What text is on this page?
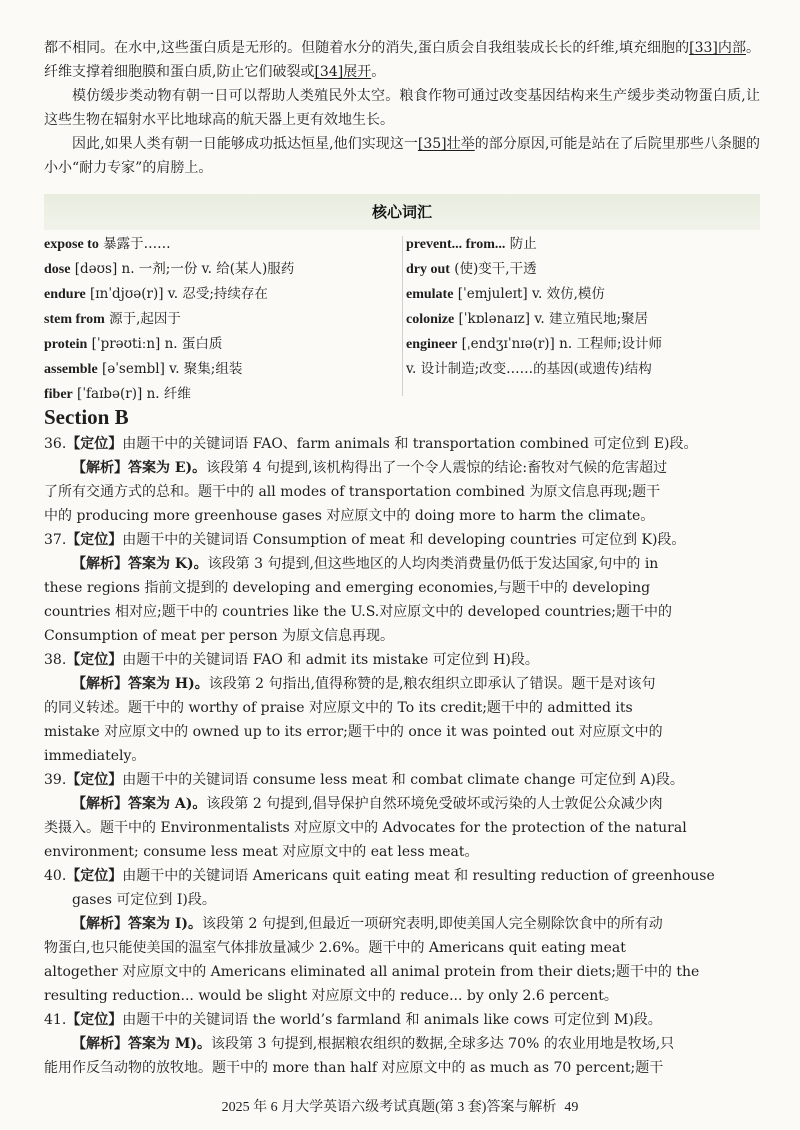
都不相同。在水中,这些蛋白质是无形的。但随着水分的消失,蛋白质会自我组装成长长的纤维,填充细胞的[33]内部。纤维支撑着细胞膜和蛋白质,防止它们破裂或[34]展开。

模仿缓步类动物有朝一日可以帮助人类殖民外太空。粮食作物可通过改变基因结构来生产缓步类动物蛋白质,让这些生物在辐射水平比地球高的航天器上更有效地生长。

因此,如果人类有朝一日能够成功抵达恒星,他们实现这一[35]壮举的部分原因,可能是站在了后院里那些八条腿的小小“耐力专家”的肩膀上。

核心词汇
expose to 暴露于……
dose [dəʊs] n. 一剂;一份 v. 给(某人)服药
endure [ɪnˈdjʊə(r)] v. 忍受;持续存在
stem from 源于,起因于
protein [ˈprəʊtiːn] n. 蛋白质
assemble [əˈsembl] v. 聚集;组装
fiber [ˈfaɪbə(r)] n. 纤维
prevent... from... 防止
dry out (使)变干,干透
emulate [ˈemjuleɪt] v. 效仿,模仿
colonize [ˈkɒlənaɪz] v. 建立殖民地;聚居
engineer [ˌendʒɪˈnɪə(r)] n. 工程师;设计师
v. 设计制造;改变……的基因(或遗传)结构
Section B
36.【定位】由题干中的关键词语 FAO、farm animals 和 transportation combined 可定位到 E)段。
【解析】答案为 E)。该段第 4 句提到,该机构得出了一个令人震惊的结论:畜牧对气候的危害超过
了所有交通方式的总和。题干中的 all modes of transportation combined 为原文信息再现;题干
中的 producing more greenhouse gases 对应原文中的 doing more to harm the climate。
37.【定位】由题干中的关键词语 Consumption of meat 和 developing countries 可定位到 K)段。
【解析】答案为 K)。该段第 3 句提到,但这些地区的人均肉类消费量仍低于发达国家,句中的 in
these regions 指前文提到的 developing and emerging economies,与题干中的 developing
countries 相对应;题干中的 countries like the U.S.对应原文中的 developed countries;题干中的
Consumption of meat per person 为原文信息再现。
38.【定位】由题干中的关键词语 FAO 和 admit its mistake 可定位到 H)段。
【解析】答案为 H)。该段第 2 句指出,值得称赞的是,粮农组织立即承认了错误。题干是对该句
的同义转述。题干中的 worthy of praise 对应原文中的 To its credit;题干中的 admitted its
mistake 对应原文中的 owned up to its error;题干中的 once it was pointed out 对应原文中的
immediately。
39.【定位】由题干中的关键词语 consume less meat 和 combat climate change 可定位到 A)段。
【解析】答案为 A)。该段第 2 句提到,倡导保护自然环境免受破坏或污染的人士敦促公众减少肉
类摄入。题干中的 Environmentalists 对应原文中的 Advocates for the protection of the natural
environment; consume less meat 对应原文中的 eat less meat。
40.【定位】由题干中的关键词语 Americans quit eating meat 和 resulting reduction of greenhouse
gases 可定位到 I)段。
【解析】答案为 I)。该段第 2 句提到,但最近一项研究表明,即使美国人完全剔除饮食中的所有动
物蛋白,也只能使美国的温室气体排放量减少 2.6%。题干中的 Americans quit eating meat
altogether 对应原文中的 Americans eliminated all animal protein from their diets;题干中的 the
resulting reduction... would be slight 对应原文中的 reduce... by only 2.6 percent。
41.【定位】由题干中的关键词语 the world’s farmland 和 animals like cows 可定位到 M)段。
【解析】答案为 M)。该段第 3 句提到,根据粮农组织的数据,全球多达 70% 的农业用地是牧场,只
能用作反刍动物的放牧地。题干中的 more than half 对应原文中的 as much as 70 percent;题干
2025 年 6 月大学英语六级考试真题(第 3 套)答案与解析 49
